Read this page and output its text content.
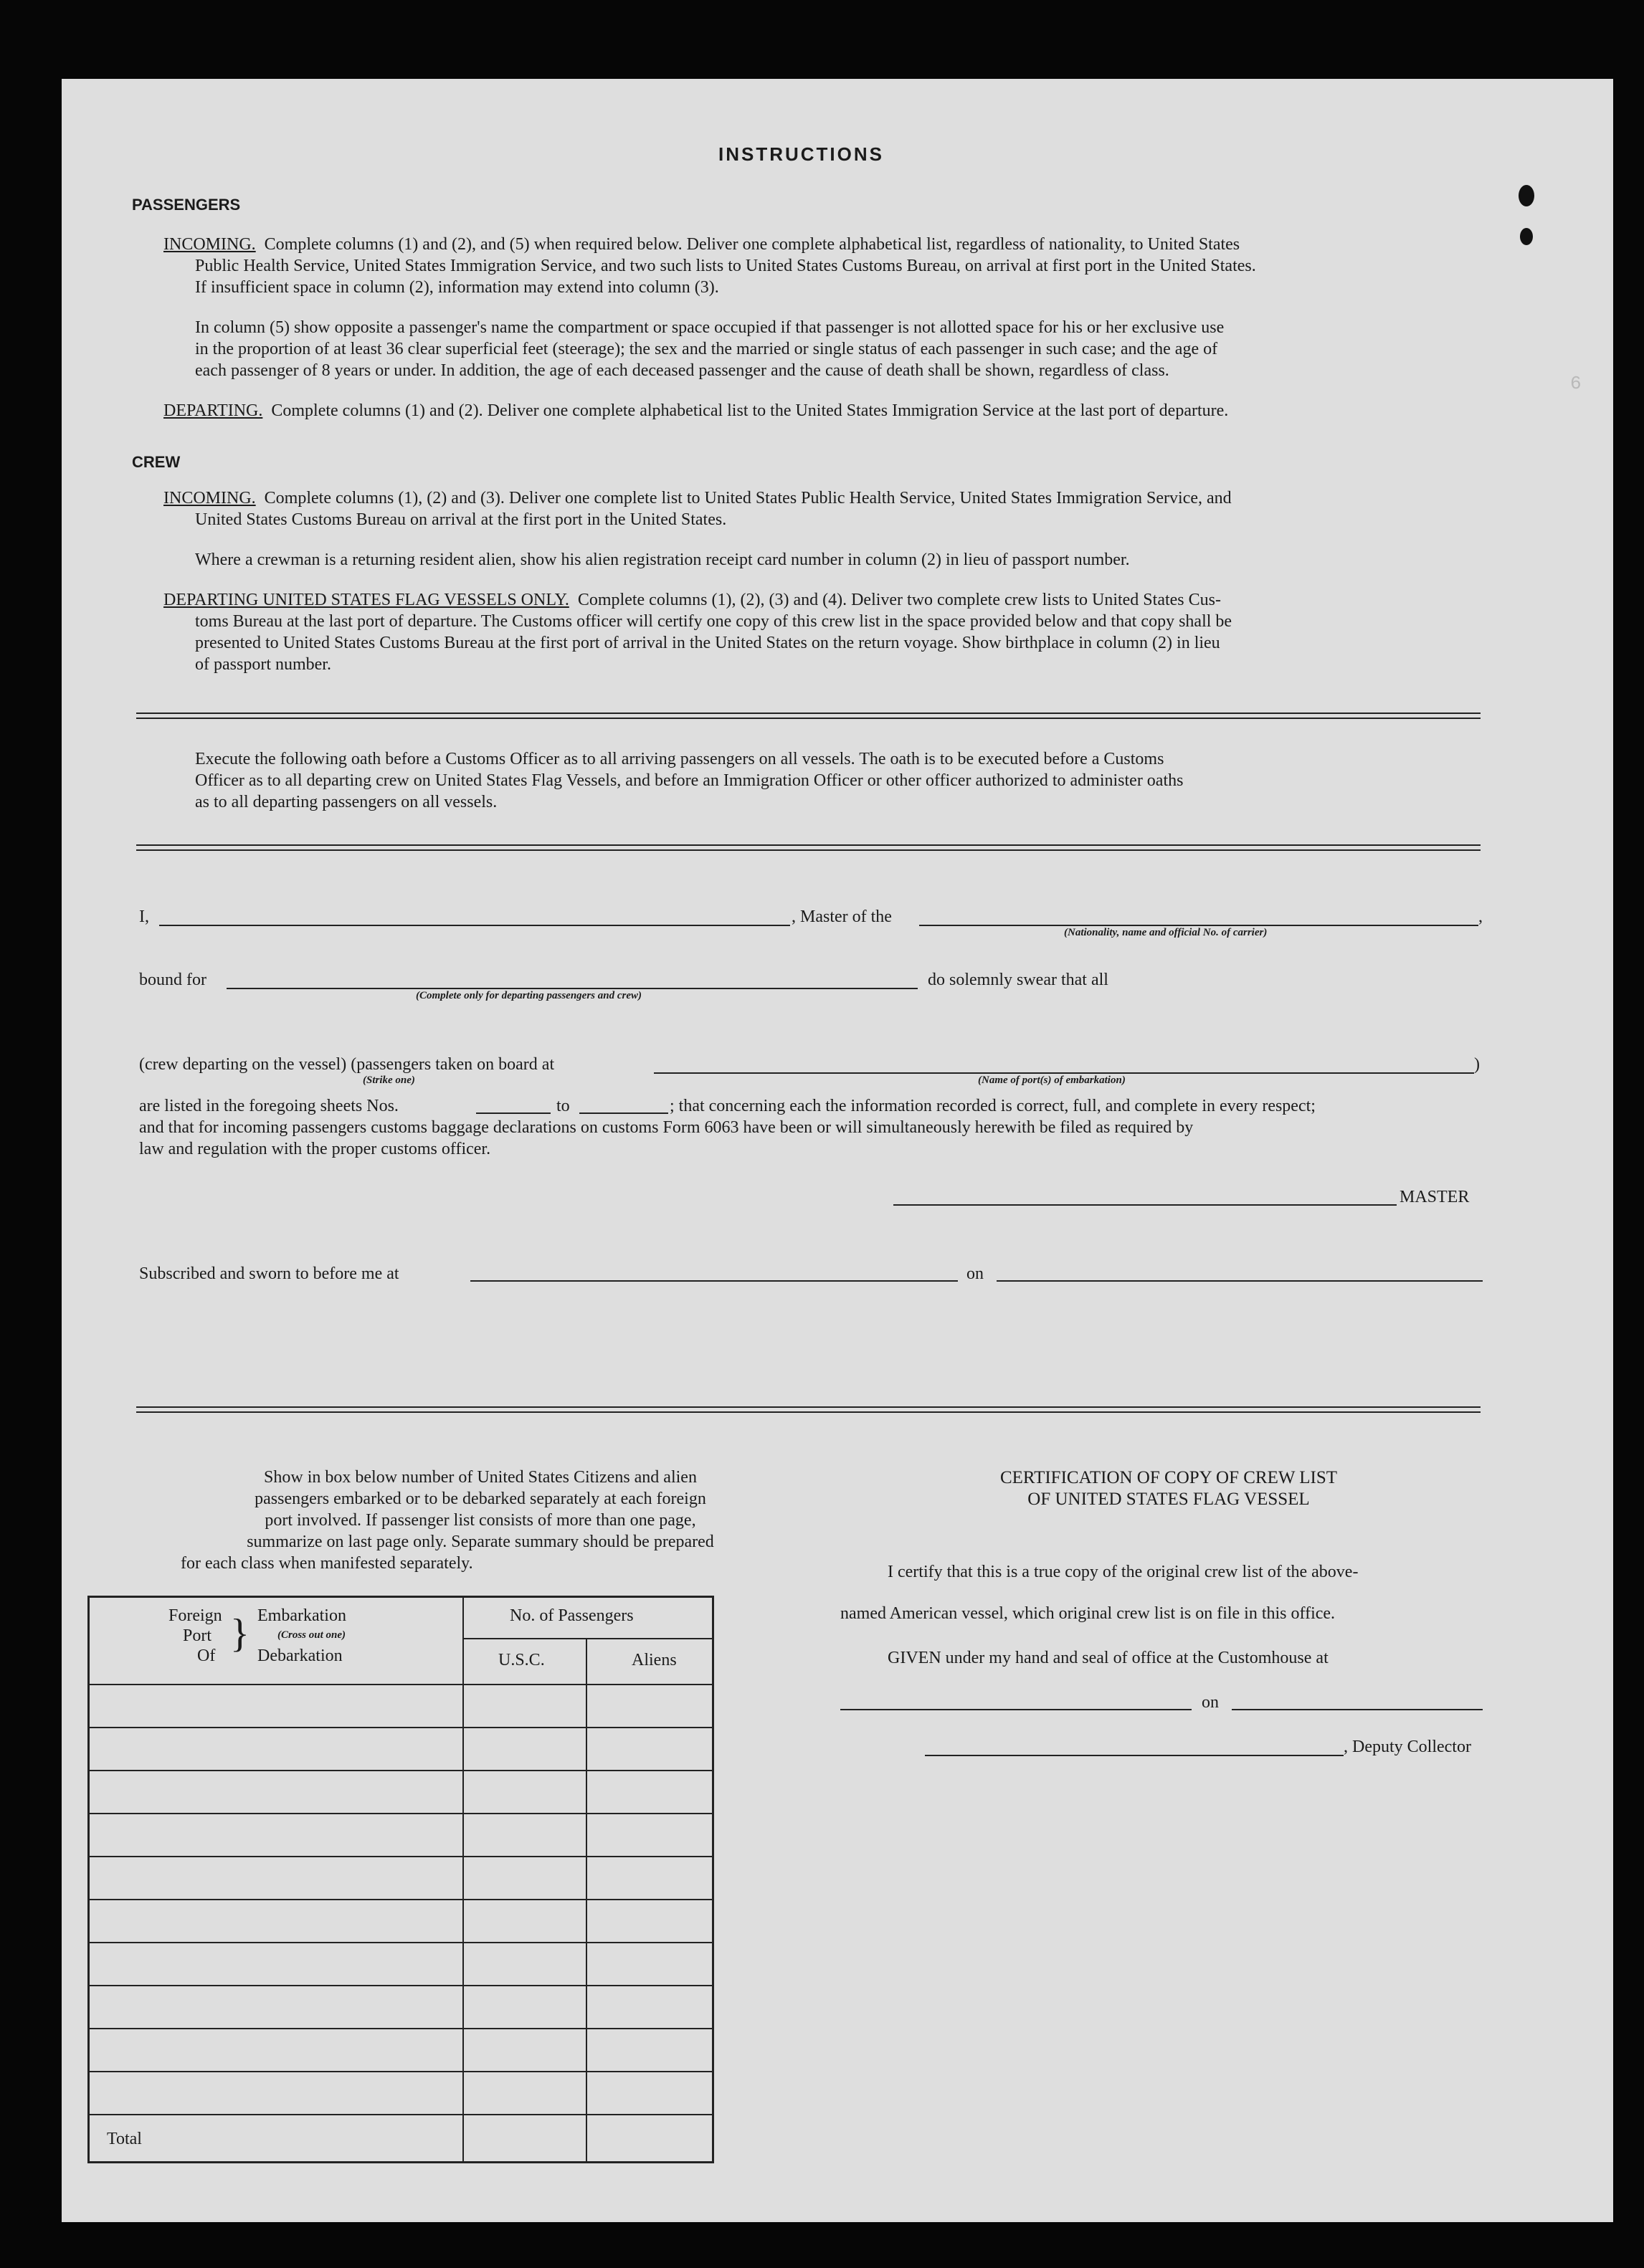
6
INSTRUCTIONS
PASSENGERS
INCOMING. Complete columns (1) and (2), and (5) when required below. Deliver one complete alphabetical list, regardless of nationality, to United States
Public Health Service, United States Immigration Service, and two such lists to United States Customs Bureau, on arrival at first port in the United States.
If insufficient space in column (2), information may extend into column (3).
In column (5) show opposite a passenger's name the compartment or space occupied if that passenger is not allotted space for his or her exclusive use
in the proportion of at least 36 clear superficial feet (steerage); the sex and the married or single status of each passenger in such case; and the age of
each passenger of 8 years or under. In addition, the age of each deceased passenger and the cause of death shall be shown, regardless of class.
DEPARTING. Complete columns (1) and (2). Deliver one complete alphabetical list to the United States Immigration Service at the last port of departure.
CREW
INCOMING. Complete columns (1), (2) and (3). Deliver one complete list to United States Public Health Service, United States Immigration Service, and
United States Customs Bureau on arrival at the first port in the United States.
Where a crewman is a returning resident alien, show his alien registration receipt card number in column (2) in lieu of passport number.
DEPARTING UNITED STATES FLAG VESSELS ONLY. Complete columns (1), (2), (3) and (4). Deliver two complete crew lists to United States Cus-
toms Bureau at the last port of departure. The Customs officer will certify one copy of this crew list in the space provided below and that copy shall be
presented to United States Customs Bureau at the first port of arrival in the United States on the return voyage. Show birthplace in column (2) in lieu
of passport number.
Execute the following oath before a Customs Officer as to all arriving passengers on all vessels. The oath is to be executed before a Customs
Officer as to all departing crew on United States Flag Vessels, and before an Immigration Officer or other officer authorized to administer oaths
as to all departing passengers on all vessels.
I,	, Master of the	,
(Nationality, name and official No. of carrier)
bound for	do solemnly swear that all
(Complete only for departing passengers and crew)
(crew departing on the vessel) (passengers taken on board at	)
(Strike one)	(Name of port(s) of embarkation)
are listed in the foregoing sheets Nos.	to	; that concerning each the information recorded is correct, full, and complete in every respect;
and that for incoming passengers customs baggage declarations on customs Form 6063 have been or will simultaneously herewith be filed as required by
law and regulation with the proper customs officer.
MASTER
Subscribed and sworn to before me at	on
Show in box below number of United States Citizens and alien
passengers embarked or to be debarked separately at each foreign
port involved. If passenger list consists of more than one page,
summarize on last page only. Separate summary should be prepared
for each class when manifested separately.
Foreign
Port
Of } Embarkation
(Cross out one)
Debarkation
No. of Passengers
U.S.C.	Aliens
Total
CERTIFICATION OF COPY OF CREW LIST
OF UNITED STATES FLAG VESSEL
I certify that this is a true copy of the original crew list of the above-
named American vessel, which original crew list is on file in this office.
GIVEN under my hand and seal of office at the Customhouse at
on
, Deputy Collector
